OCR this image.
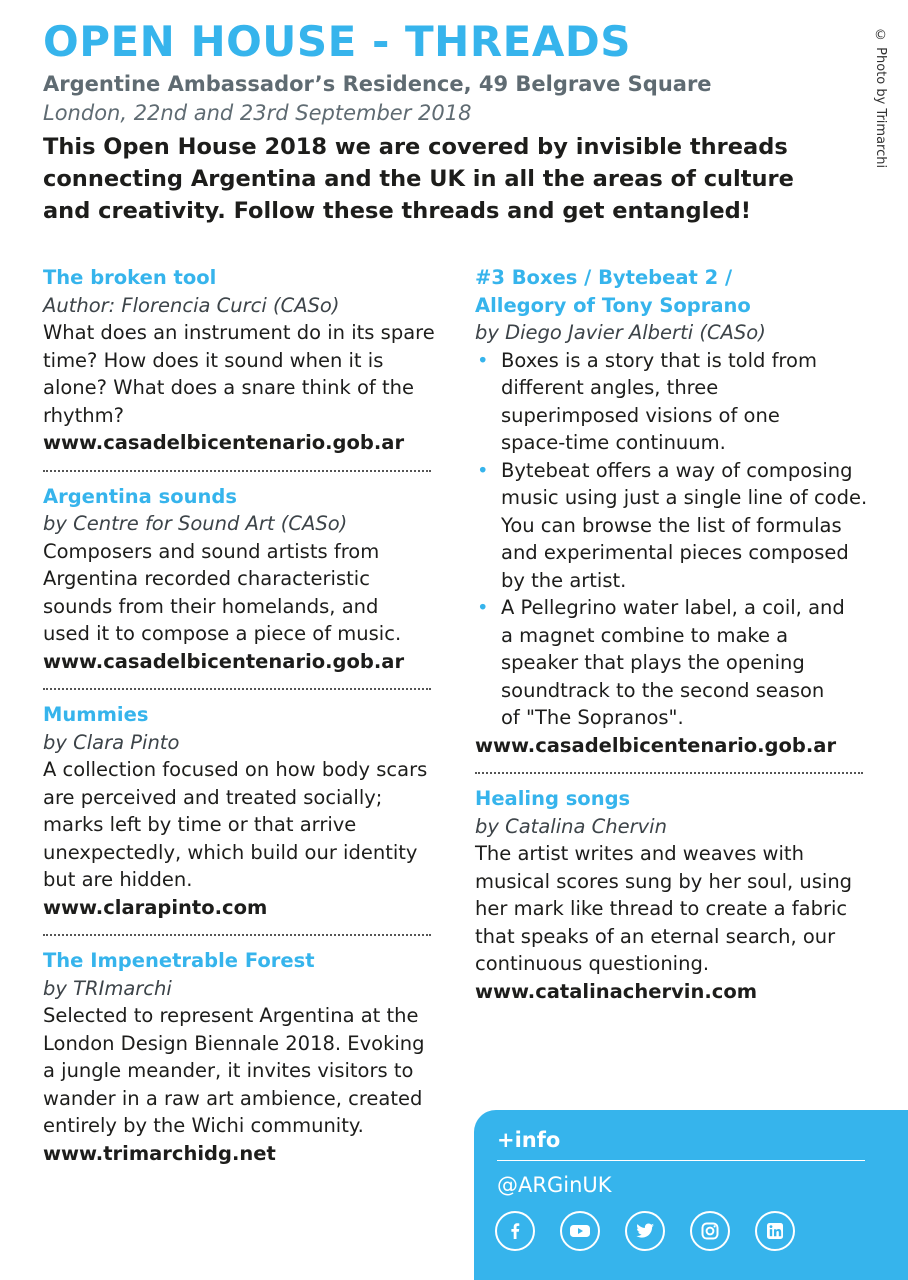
OPEN HOUSE - THREADS
Argentine Ambassador’s Residence, 49 Belgrave Square
London, 22nd and 23rd September 2018

This Open House 2018 we are covered by invisible threads connecting Argentina and the UK in all the areas of culture and creativity. Follow these threads and get entangled!

© Photo by Trimarchi
The broken tool
Author: Florencia Curci (CASo)
What does an instrument do in its spare time? How does it sound when it is alone? What does a snare think of the rhythm?
www.casadelbicentenario.gob.ar
Argentina sounds
by Centre for Sound Art (CASo)
Composers and sound artists from Argentina recorded characteristic sounds from their homelands, and used it to compose a piece of music.
www.casadelbicentenario.gob.ar
Mummies
by Clara Pinto
A collection focused on how body scars are perceived and treated socially; marks left by time or that arrive unexpectedly, which build our identity but are hidden.
www.clarapinto.com
The Impenetrable Forest
by TRImarchi
Selected to represent Argentina at the London Design Biennale 2018. Evoking a jungle meander, it invites visitors to wander in a raw art ambience, created entirely by the Wichi community.
www.trimarchidg.net
#3 Boxes / Bytebeat 2 / Allegory of Tony Soprano
by Diego Javier Alberti (CASo)
• Boxes is a story that is told from different angles, three superimposed visions of one space-time continuum.
• Bytebeat offers a way of composing music using just a single line of code. You can browse the list of formulas and experimental pieces composed by the artist.
• A Pellegrino water label, a coil, and a magnet combine to make a speaker that plays the opening soundtrack to the second season of "The Sopranos".
www.casadelbicentenario.gob.ar
Healing songs
by Catalina Chervin
The artist writes and weaves with musical scores sung by her soul, using her mark like thread to create a fabric that speaks of an eternal search, our continuous questioning.
www.catalinachervin.com
+info
@ARGinUK
